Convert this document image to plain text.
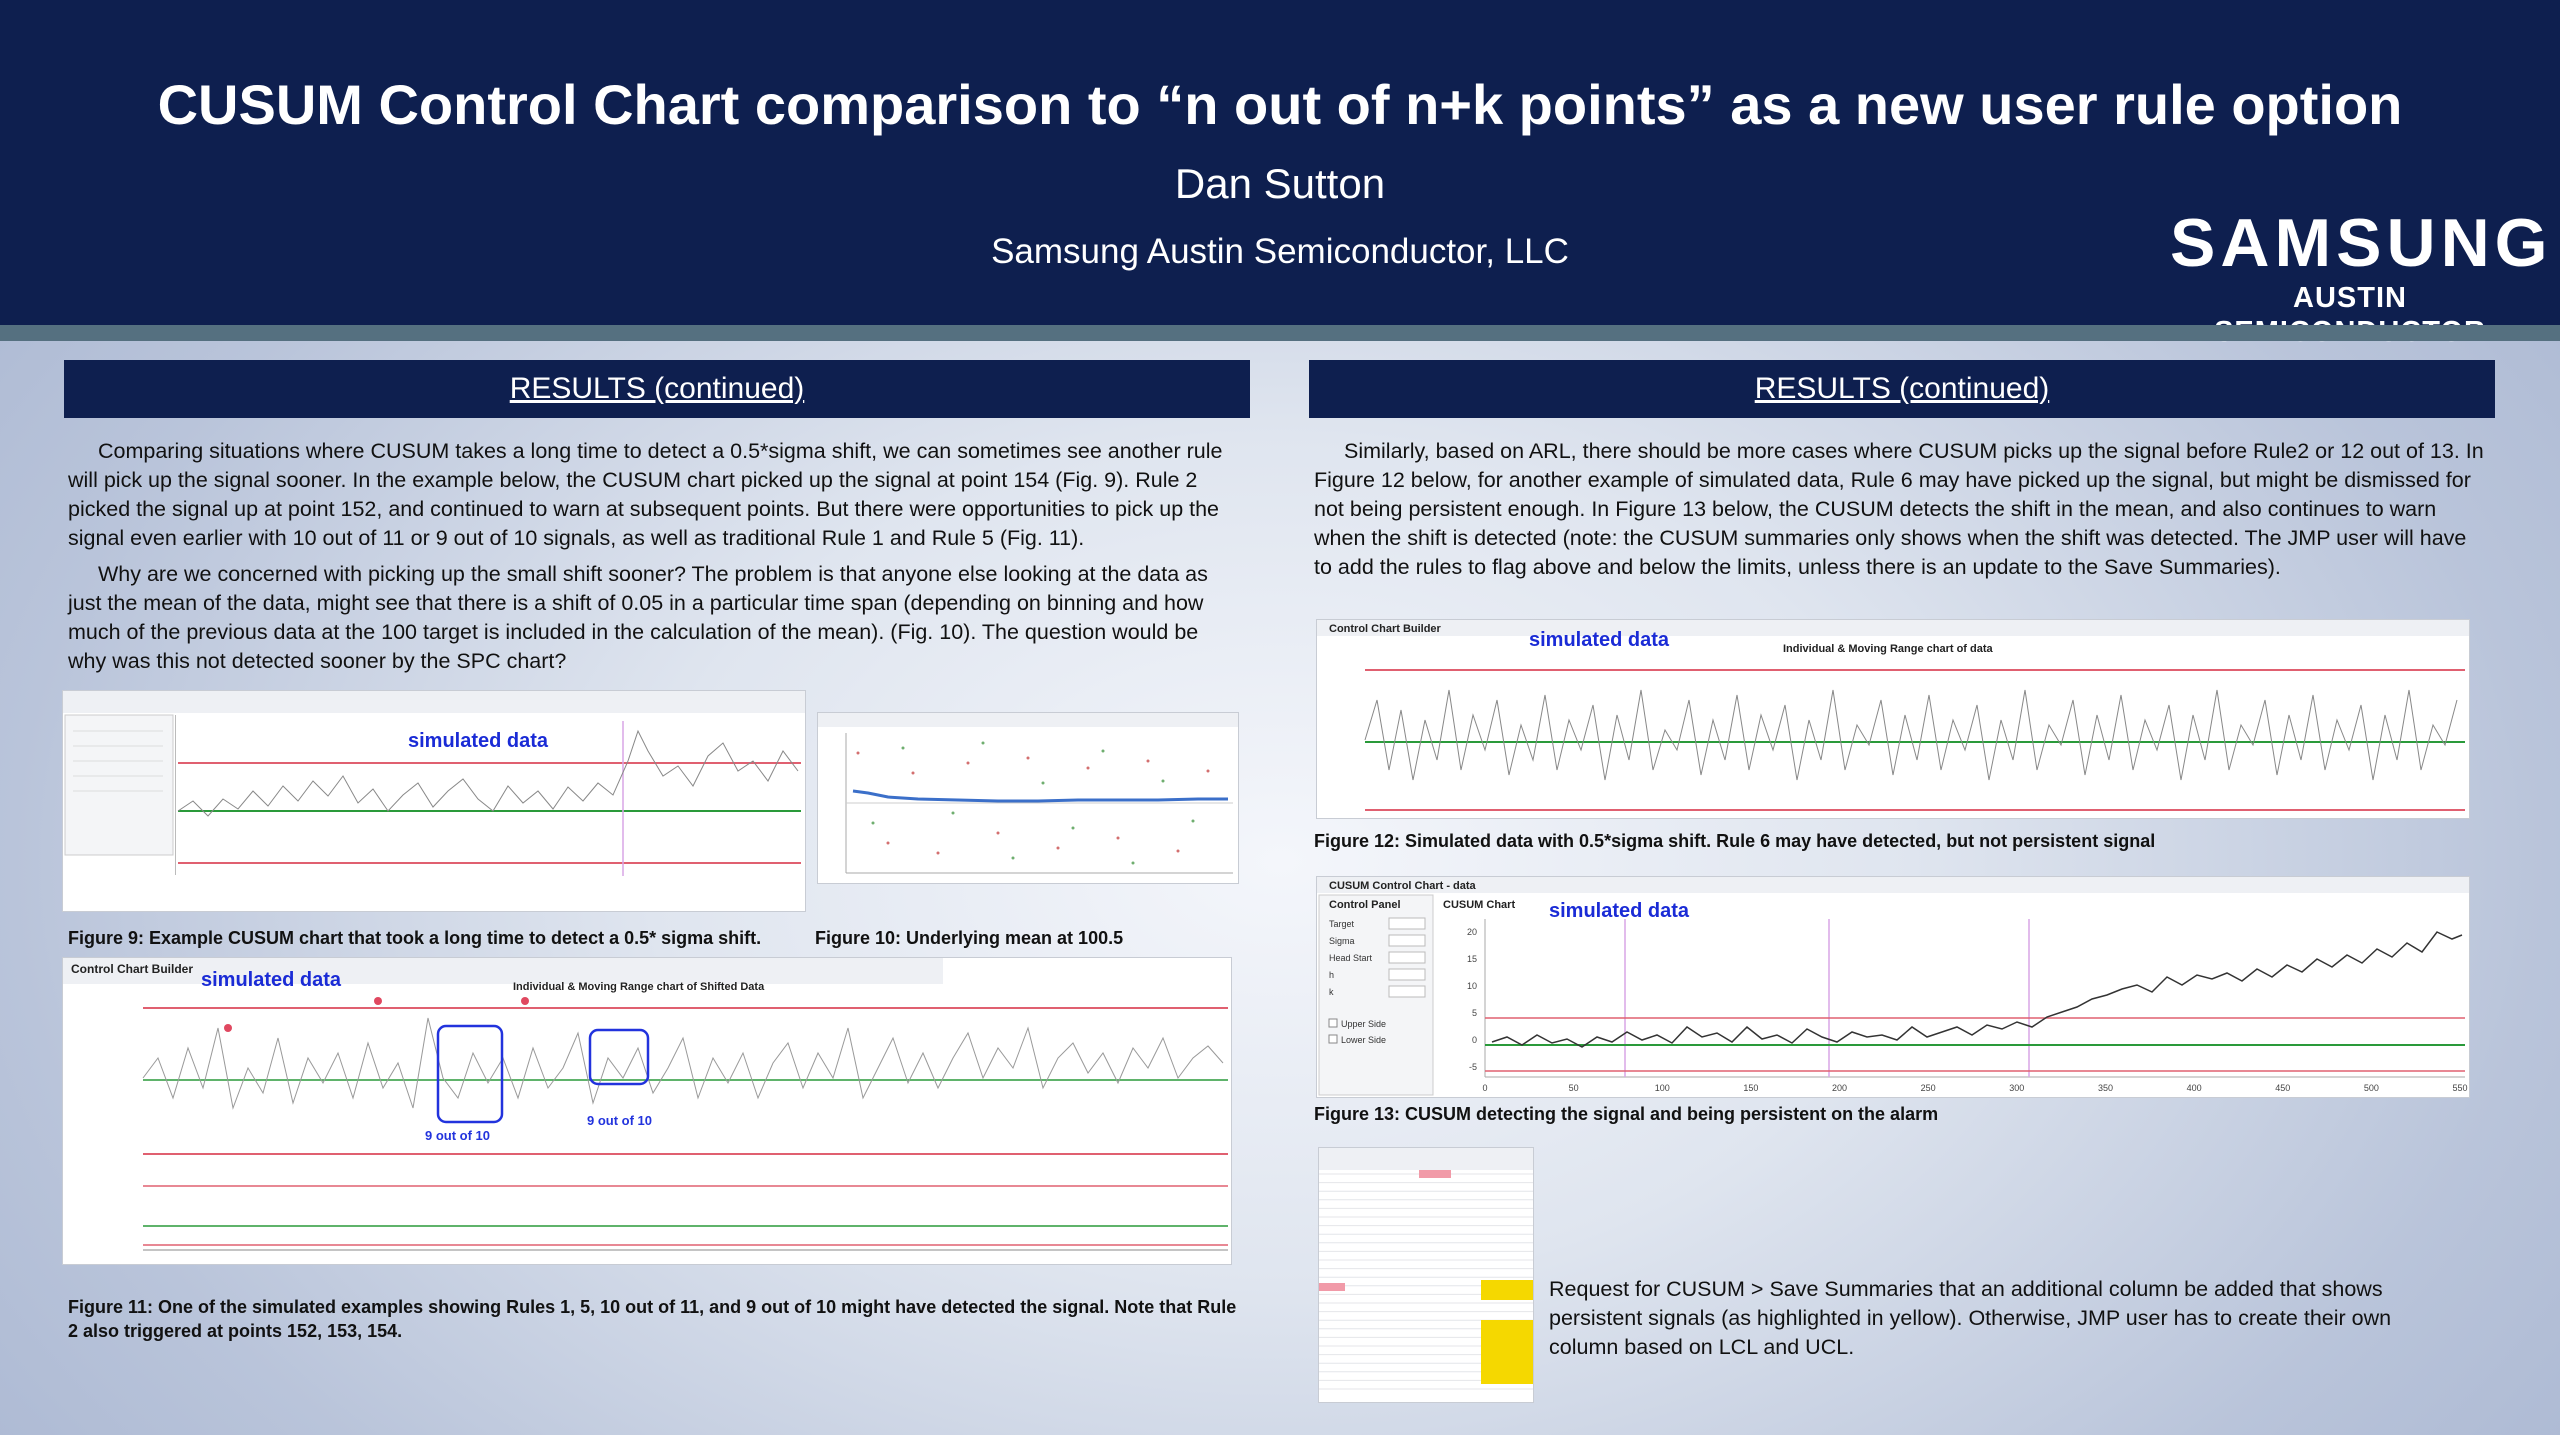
CUSUM Control Chart comparison to “n out of n+k points” as a new user rule option
Dan Sutton
Samsung Austin Semiconductor, LLC	SAMSUNG
AUSTIN
RESULTS (continued)

Comparing situations where CUSUM takes a long time to detect a 0.5*sigma shift, we can sometimes see another rule will pick up the signal sooner. In the example below, the CUSUM chart picked up the signal at point 154 (Fig. 9). Rule 2 picked the signal up at point 152, and continued to warn at subsequent points. But there were opportunities to pick up the signal even earlier with 10 out of 11 or 9 out of 10 signals, as well as traditional Rule 1 and Rule 5 (Fig. 11).

Why are we concerned with picking up the small shift sooner? The problem is that anyone else looking at the data as just the mean of the data, might see that there is a shift of 0.05 in a particular time span (depending on binning and how much of the previous data at the 100 target is included in the calculation of the mean). (Fig. 10). The question would be why was this not detected sooner by the SPC chart?

simulated data
Figure 9: Example CUSUM chart that took a long time to detect a 0.5* sigma shift.	Figure 10: Underlying mean at 100.5
Control Chart Builder simulated data	Individual & Moving Range chart of Shifted Data
9 out of 10
9 out of 10
Figure 11: One of the simulated examples showing Rules 1, 5, 10 out of 11, and 9 out of 10 might have detected the signal. Note that Rule 2 also triggered at points 152, 153, 154.
RESULTS (continued)

Similarly, based on ARL, there should be more cases where CUSUM picks up the signal before Rule2 or 12 out of 13. In Figure 12 below, for another example of simulated data, Rule 6 may have picked up the signal, but might be dismissed for not being persistent enough. In Figure 13 below, the CUSUM detects the shift in the mean, and also continues to warn when the shift is detected (note: the CUSUM summaries only shows when the shift was detected. The JMP user will have to add the rules to flag above and below the limits, unless there is an update to the Save Summaries).

Control Chart Builder	simulated data	Individual & Moving Range chart of data
Figure 12: Simulated data with 0.5*sigma shift. Rule 6 may have detected, but not persistent signal
CUSUM Control Chart - data
Control Panel
Target
Sigma
Head Start
h
k
Upper Side
Lower Side
CUSUM Chart simulated data
20
15
10
5
0
-5
0	50	100	150	200	250	300	350	400	450	500	550
Figure 13: CUSUM detecting the signal and being persistent on the alarm

Request for CUSUM > Save Summaries that an additional column be added that shows persistent signals (as highlighted in yellow). Otherwise, JMP user has to create their own column based on LCL and UCL.
